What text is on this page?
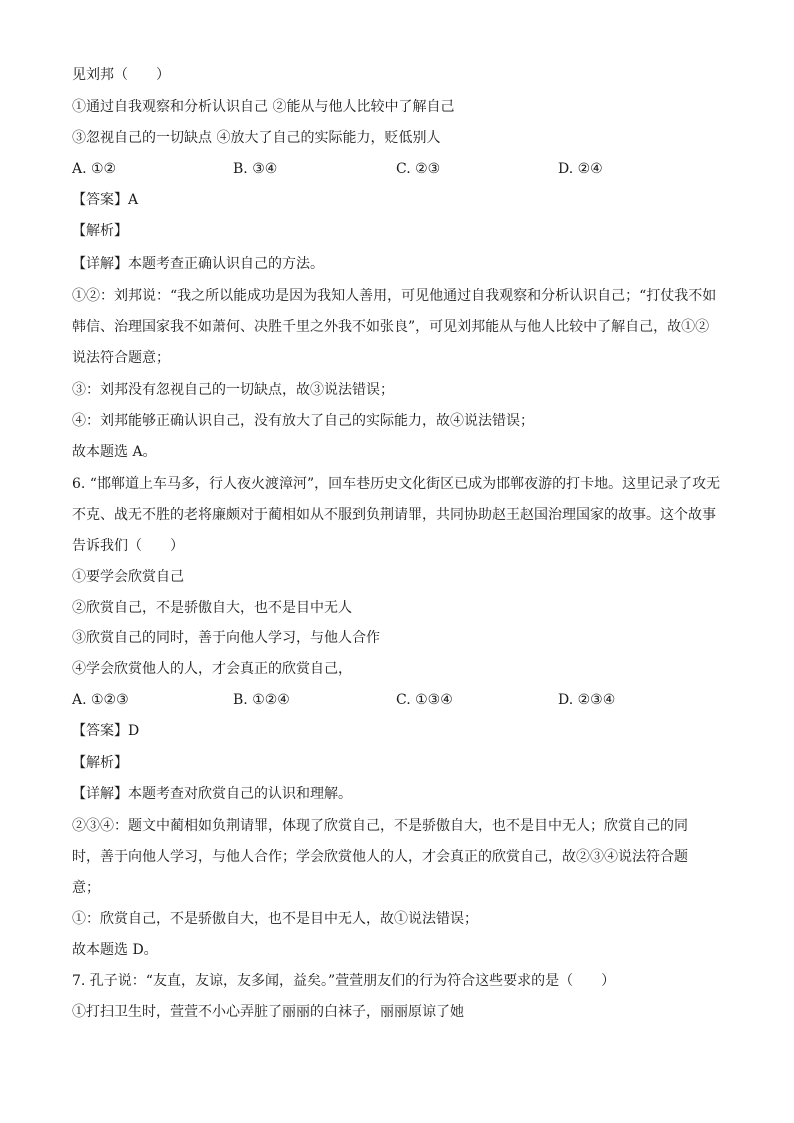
见刘邦（　　）
①通过自我观察和分析认识自己 ②能从与他人比较中了解自己
③忽视自己的一切缺点 ④放大了自己的实际能力，贬低别人
A. ①②	B. ③④	C. ②③	D. ②④
【答案】A
【解析】
【详解】本题考查正确认识自己的方法。
①②：刘邦说：“我之所以能成功是因为我知人善用，可见他通过自我观察和分析认识自己；“打仗我不如
韩信、治理国家我不如萧何、决胜千里之外我不如张良”，可见刘邦能从与他人比较中了解自己，故①②
说法符合题意；
③：刘邦没有忽视自己的一切缺点，故③说法错误；
④：刘邦能够正确认识自己，没有放大了自己的实际能力，故④说法错误；
故本题选 A。
6. “邯郸道上车马多，行人夜火渡漳河”，回车巷历史文化街区已成为邯郸夜游的打卡地。这里记录了攻无
不克、战无不胜的老将廉颇对于蔺相如从不服到负荆请罪，共同协助赵王赵国治理国家的故事。这个故事
告诉我们（　　）
①要学会欣赏自己
②欣赏自己，不是骄傲自大，也不是目中无人
③欣赏自己的同时，善于向他人学习，与他人合作
④学会欣赏他人的人，才会真正的欣赏自己，
A. ①②③	B. ①②④	C. ①③④	D. ②③④
【答案】D
【解析】
【详解】本题考查对欣赏自己的认识和理解。
②③④：题文中蔺相如负荆请罪，体现了欣赏自己，不是骄傲自大，也不是目中无人；欣赏自己的同
时，善于向他人学习，与他人合作；学会欣赏他人的人，才会真正的欣赏自己，故②③④说法符合题
意；
①：欣赏自己，不是骄傲自大，也不是目中无人，故①说法错误；
故本题选 D。
7. 孔子说：“友直，友谅，友多闻，益矣。”萱萱朋友们的行为符合这些要求的是（　　）
①打扫卫生时，萱萱不小心弄脏了丽丽的白袜子，丽丽原谅了她
